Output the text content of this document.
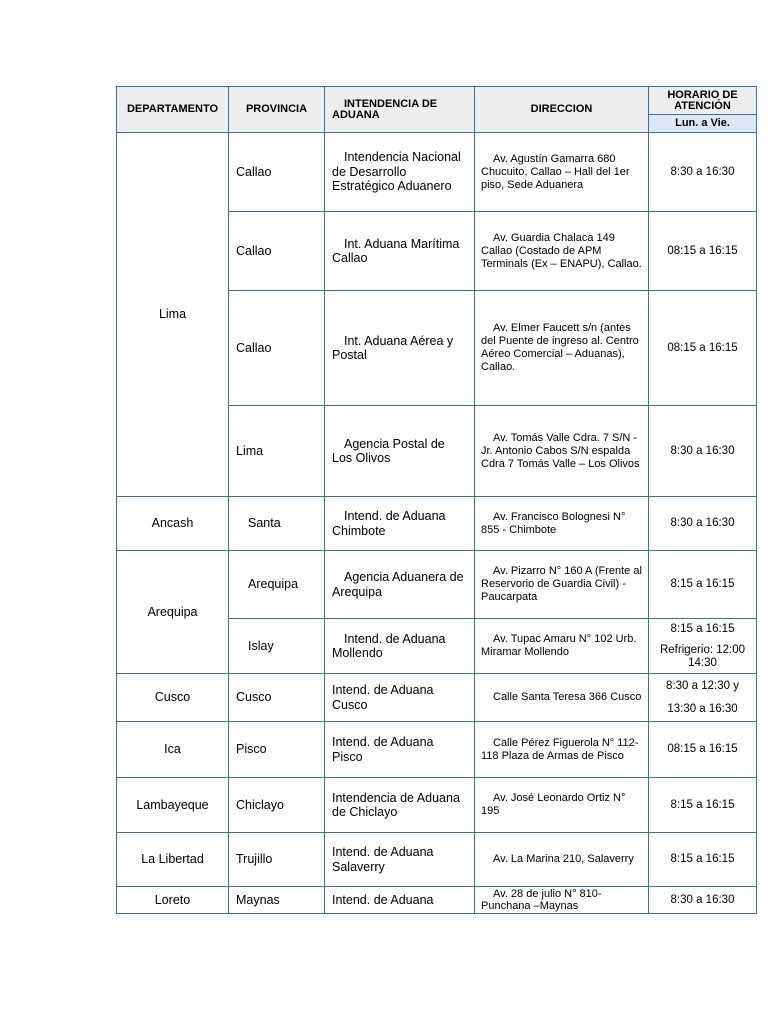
DEPARTAMENTO	PROVINCIA	INTENDENCIA DE ADUANA	DIRECCION	HORARIO DE ATENCIÓN
				Lun. a Vie.
Lima	Callao	Intendencia Nacional de Desarrollo Estratégico Aduanero	Av. Agustín Gamarra 680 Chucuito, Callao – Hall del 1er piso, Sede Aduanera	8:30 a 16:30
	Callao	Int. Aduana Marítima Callao	Av. Guardia Chalaca 149 Callao (Costado de APM Terminals (Ex – ENAPU), Callao.	08:15 a 16:15
	Callao	Int. Aduana Aérea y Postal	Av. Elmer Faucett s/n (antes del Puente de ingreso al. Centro Aéreo Comercial – Aduanas), Callao.	08:15 a 16:15
	Lima	Agencia Postal de Los Olivos	Av. Tomás Valle Cdra. 7 S/N - Jr. Antonio Cabos S/N espalda Cdra 7 Tomás Valle – Los Olivos	8:30 a 16:30
Ancash	Santa	Intend. de Aduana Chimbote	Av. Francisco Bolognesi N° 855 - Chimbote	8:30 a 16:30
Arequipa	Arequipa	Agencia Aduanera de Arequipa	Av. Pizarro N° 160 A (Frente al Reservorio de Guardia Civil) - Paucarpata	8:15 a 16:15
	Islay	Intend. de Aduana Mollendo	Av. Tupac Amaru N° 102 Urb. Miramar Mollendo	8:15 a 16:15
Refrigerio: 12:00 14:30

Cusco	Cusco	Intend. de Aduana Cusco	Calle Santa Teresa 366 Cusco	8:30 a 12:30 y
13:30 a 16:30

Ica	Pisco	Intend. de Aduana Pisco	Calle Pérez Figuerola N° 112-118 Plaza de Armas de Pisco	08:15 a 16:15
Lambayeque	Chiclayo	Intendencia de Aduana de Chiclayo	Av. José Leonardo Ortiz N° 195	8:15 a 16:15
La Libertad	Trujillo	Intend. de Aduana Salaverry	Av. La Marina 210, Salaverry	8:15 a 16:15
Loreto	Maynas	Intend. de Aduana	Av. 28 de julio N° 810- Punchana –Maynas	8:30 a 16:30
